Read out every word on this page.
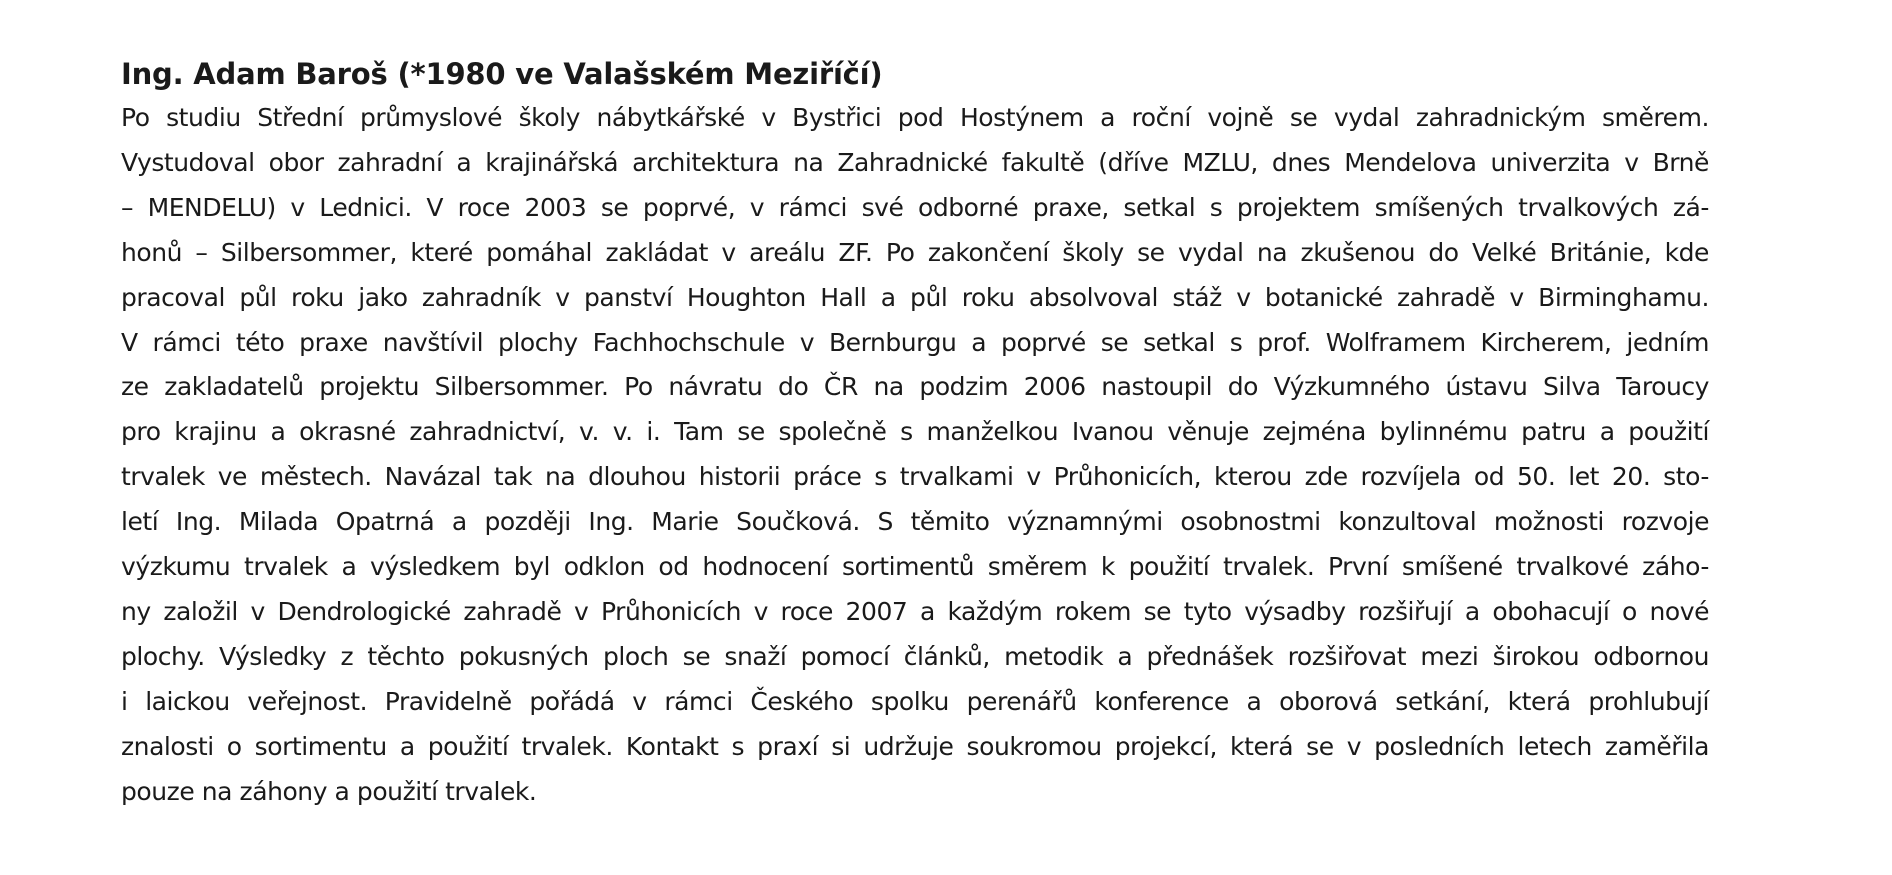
Ing. Adam Baroš (*1980 ve Valašském Meziříčí)
Po studiu Střední průmyslové školy nábytkářské v Bystřici pod Hostýnem a roční vojně se vydal zahradnickým směrem.
Vystudoval obor zahradní a krajinářská architektura na Zahradnické fakultě (dříve MZLU, dnes Mendelova univerzita v Brně
– MENDELU) v Lednici. V roce 2003 se poprvé, v rámci své odborné praxe, setkal s projektem smíšených trvalkových zá-
honů – Silbersommer, které pomáhal zakládat v areálu ZF. Po zakončení školy se vydal na zkušenou do Velké Británie, kde
pracoval půl roku jako zahradník v panství Houghton Hall a půl roku absolvoval stáž v botanické zahradě v Birminghamu.
V rámci této praxe navštívil plochy Fachhochschule v Bernburgu a poprvé se setkal s prof. Wolframem Kircherem, jedním
ze zakladatelů projektu Silbersommer. Po návratu do ČR na podzim 2006 nastoupil do Výzkumného ústavu Silva Taroucy
pro krajinu a okrasné zahradnictví, v. v. i. Tam se společně s manželkou Ivanou věnuje zejména bylinnému patru a použití
trvalek ve městech. Navázal tak na dlouhou historii práce s trvalkami v Průhonicích, kterou zde rozvíjela od 50. let 20. sto-
letí Ing. Milada Opatrná a později Ing. Marie Součková. S těmito významnými osobnostmi konzultoval možnosti rozvoje
výzkumu trvalek a výsledkem byl odklon od hodnocení sortimentů směrem k použití trvalek. První smíšené trvalkové záho-
ny založil v Dendrologické zahradě v Průhonicích v roce 2007 a každým rokem se tyto výsadby rozšiřují a obohacují o nové
plochy. Výsledky z těchto pokusných ploch se snaží pomocí článků, metodik a přednášek rozšiřovat mezi širokou odbornou
i laickou veřejnost. Pravidelně pořádá v rámci Českého spolku perenářů konference a oborová setkání, která prohlubují
znalosti o sortimentu a použití trvalek. Kontakt s praxí si udržuje soukromou projekcí, která se v posledních letech zaměřila
pouze na záhony a použití trvalek.
